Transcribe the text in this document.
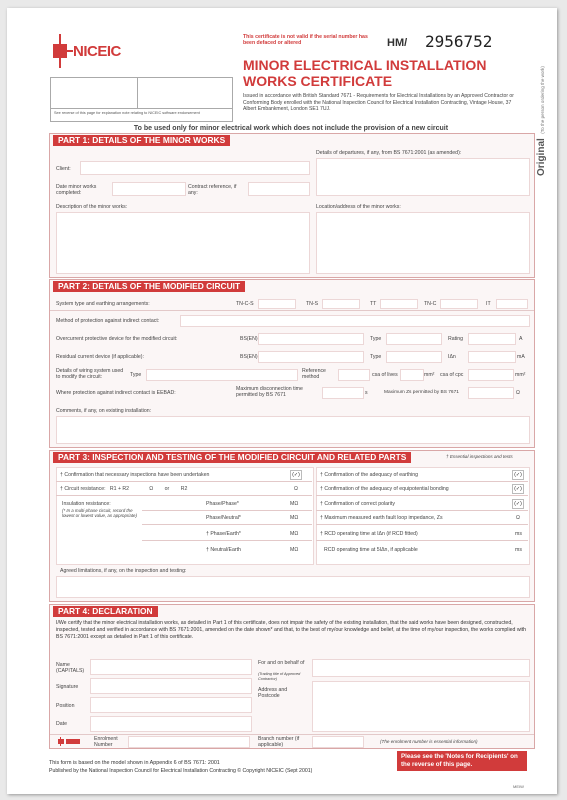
NICEIC
See reverse of this page for explanation note relating to NICEIC software endorsement
This certificate is not valid if the serial number has been defaced or altered	HM/ 2956752
MINOR ELECTRICAL INSTALLATION
WORKS CERTIFICATE
Issued in accordance with British Standard 7671 - Requirements for Electrical Installations by an Approved Contractor or Conforming Body enrolled with the National Inspection Council for Electrical Installation Contracting, Vintage House, 37 Albert Embankment, London SE1 7UJ.
Original (To the person ordering the work)
To be used only for minor electrical work which does not include the provision of a new circuit
PART 1: DETAILS OF THE MINOR WORKS
Client:
Date minor works completed:
Contract reference, if any:
Description of the minor works:
Details of departures, if any, from BS 7671:2001 (as amended):
Location/address of the minor works:
PART 2: DETAILS OF THE MODIFIED CIRCUIT
System type and earthing arrangements:	TN-C-S	TN-S	TT	TN-C	IT
Method of protection against indirect contact:
Overcurrent protective device for the modified circuit:	BS(EN)	Type	Rating	A
Residual current device (if applicable):	BS(EN)	Type	IΔn	mA
Details of wiring system used to modify the circuit:	Type
Reference method	csa of lives	mm² csa of cpc	mm²
Where protection against indirect contact is EEBAD:
Maximum disconnection time permitted by BS 7671	s	Maximum Zs permitted by BS 7671	Ω
Comments, if any, on existing installation:
PART 3: INSPECTION AND TESTING OF THE MODIFIED CIRCUIT AND RELATED PARTS	† Essential inspections and tests
† Confirmation that necessary inspections have been undertaken	(✓)
† Circuit resistance:   R1 + R2              Ω        or        R2	Ω
Insulation resistance:
(* In a multi-phase circuit, record the lowest or lowest value, as appropriate)
Phase/Phase*	MΩ
Phase/Neutral*	MΩ
† Phase/Earth*	MΩ
† Neutral/Earth	MΩ
† Confirmation of the adequacy of earthing	(✓)
† Confirmation of the adequacy of equipotential bonding	(✓)
† Confirmation of correct polarity	(✓)
† Maximum measured earth fault loop impedance, Zs	Ω
† RCD operating time at IΔn (if RCD fitted)	ms
RCD operating time at 5IΔn, if applicable	ms
Agreed limitations, if any, on the inspection and testing:
PART 4: DECLARATION
I/We certify that the minor electrical installation works, as detailed in Part 1 of this certificate, does not impair the safety of the existing installation, that the said works have been designed, constructed, inspected, tested and verified in accordance with BS 7671:2001, amended on the date shown* and that, to the best of my/our knowledge and belief, at the time of my/our inspection, the works complied with BS 7671:2001 except as detailed in Part 1 of this certificate.
Name (CAPITALS)
Signature
Position
Date
For and on behalf of
(Trading title of Approved Contractor)
Address and Postcode
Enrolment Number
Branch number (if applicable)
(The enrolment number is essential information)
This form is based on the model shown in Appendix 6 of BS 7671: 2001
Published by the National Inspection Council for Electrical Installation Contracting © Copyright NICEIC (Sept 2001)
Please see the 'Notes for Recipients' on the reverse of this page.
MEIW
